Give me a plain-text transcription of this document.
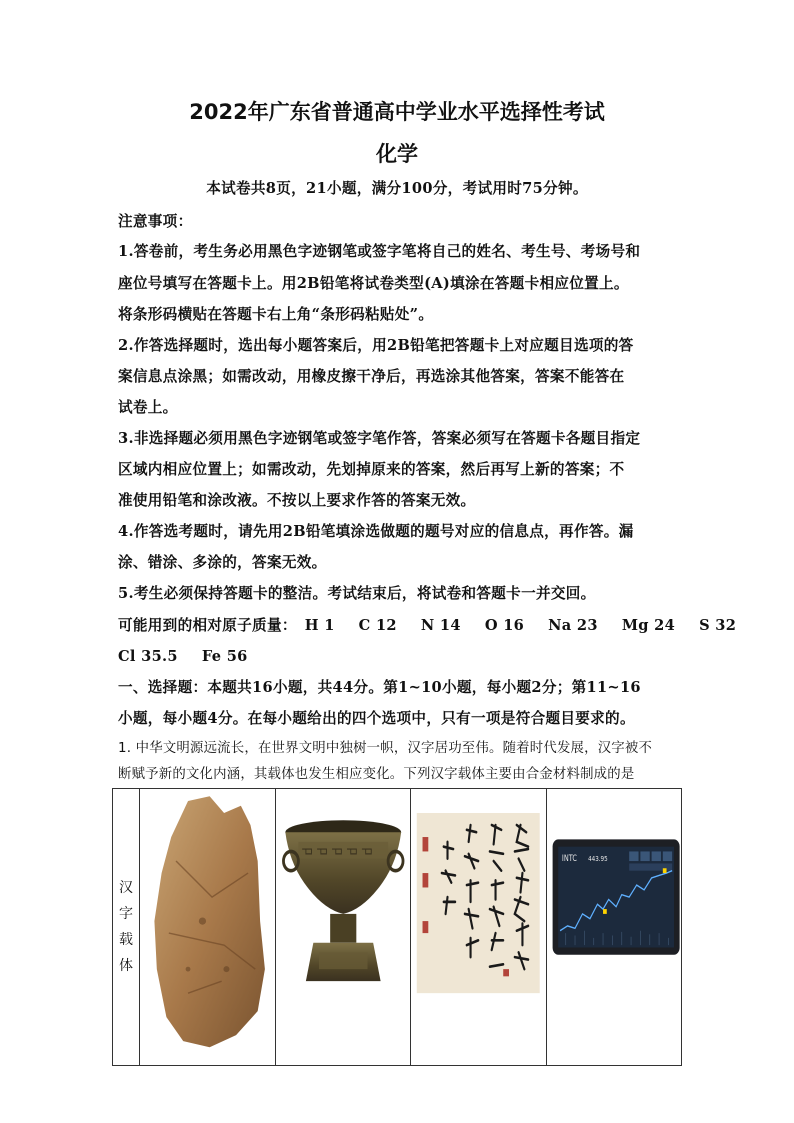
2022年广东省普通高中学业水平选择性考试
化学
本试卷共8页，21小题，满分100分，考试用时75分钟。
注意事项：
1.答卷前，考生务必用黑色字迹钢笔或签字笔将自己的姓名、考生号、考场号和
座位号填写在答题卡上。用2B铅笔将试卷类型(A)填涂在答题卡相应位置上。
将条形码横贴在答题卡右上角“条形码粘贴处”。
2.作答选择题时，选出每小题答案后，用2B铅笔把答题卡上对应题目选项的答
案信息点涂黑；如需改动，用橡皮擦干净后，再选涂其他答案，答案不能答在
试卷上。
3.非选择题必须用黑色字迹钢笔或签字笔作答，答案必须写在答题卡各题目指定
区域内相应位置上；如需改动，先划掉原来的答案，然后再写上新的答案；不
准使用铅笔和涂改液。不按以上要求作答的答案无效。
4.作答选考题时，请先用2B铅笔填涂选做题的题号对应的信息点，再作答。漏
涂、错涂、多涂的，答案无效。
5.考生必须保持答题卡的整洁。考试结束后，将试卷和答题卡一并交回。
可能用到的相对原子质量： H 1 C 12 N 14 O 16 Na 23 Mg 24 S 32
Cl 35.5 Fe 56
一、选择题：本题共16小题，共44分。第1~10小题，每小题2分；第11~16
小题，每小题4分。在每小题给出的四个选项中，只有一项是符合题目要求的。
1. 中华文明源远流长，在世界文明中独树一帜，汉字居功至伟。随着时代发展，汉字被不
断赋予新的文化内涵，其载体也发生相应变化。下列汉字载体主要由合金材料制成的是
汉
字
载
体

INTC 443.95
